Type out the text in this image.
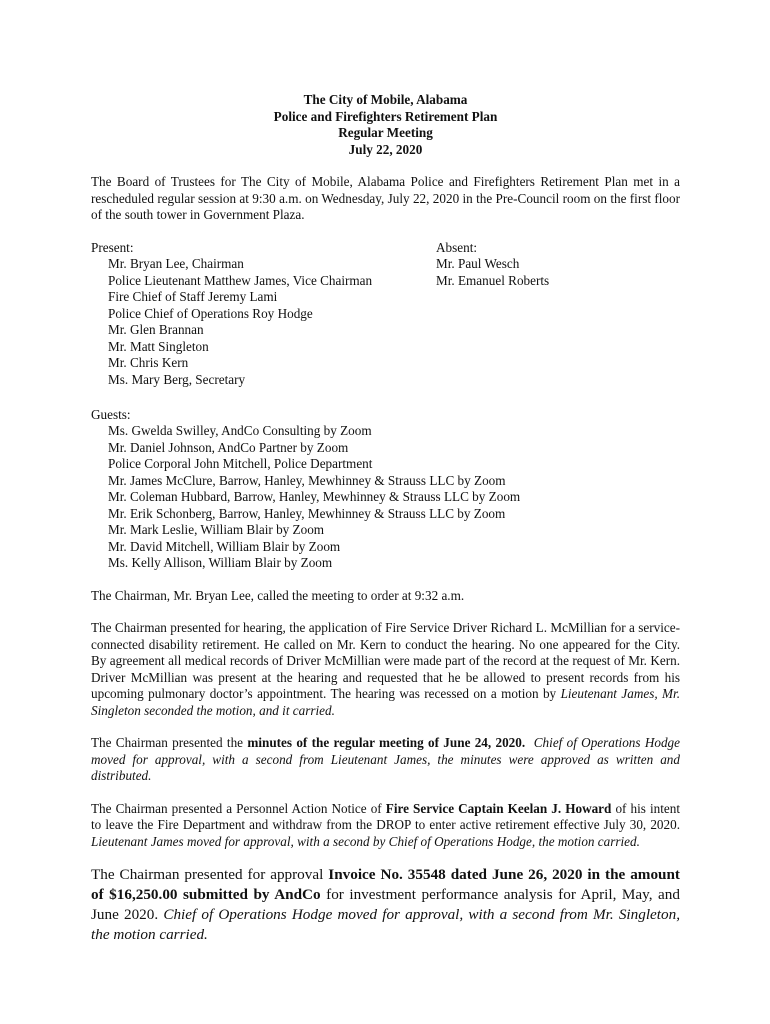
The City of Mobile, Alabama
Police and Firefighters Retirement Plan
Regular Meeting
July 22, 2020

The Board of Trustees for The City of Mobile, Alabama Police and Firefighters Retirement Plan met in a rescheduled regular session at 9:30 a.m. on Wednesday, July 22, 2020 in the Pre-Council room on the first floor of the south tower in Government Plaza.

Present:
Mr. Bryan Lee, Chairman
Police Lieutenant Matthew James, Vice Chairman
Fire Chief of Staff Jeremy Lami
Police Chief of Operations Roy Hodge
Mr. Glen Brannan
Mr. Matt Singleton
Mr. Chris Kern
Ms. Mary Berg, Secretary
Absent:
Mr. Paul Wesch
Mr. Emanuel Roberts
Guests:
Ms. Gwelda Swilley, AndCo Consulting by Zoom
Mr. Daniel Johnson, AndCo Partner by Zoom
Police Corporal John Mitchell, Police Department
Mr. James McClure, Barrow, Hanley, Mewhinney & Strauss LLC by Zoom
Mr. Coleman Hubbard, Barrow, Hanley, Mewhinney & Strauss LLC by Zoom
Mr. Erik Schonberg, Barrow, Hanley, Mewhinney & Strauss LLC by Zoom
Mr. Mark Leslie, William Blair by Zoom
Mr. David Mitchell, William Blair by Zoom
Ms. Kelly Allison, William Blair by Zoom

The Chairman, Mr. Bryan Lee, called the meeting to order at 9:32 a.m.

The Chairman presented for hearing, the application of Fire Service Driver Richard L. McMillian for a service-connected disability retirement. He called on Mr. Kern to conduct the hearing. No one appeared for the City. By agreement all medical records of Driver McMillian were made part of the record at the request of Mr. Kern. Driver McMillian was present at the hearing and requested that he be allowed to present records from his upcoming pulmonary doctor’s appointment. The hearing was recessed on a motion by Lieutenant James, Mr. Singleton seconded the motion, and it carried.

The Chairman presented the minutes of the regular meeting of June 24, 2020. Chief of Operations Hodge moved for approval, with a second from Lieutenant James, the minutes were approved as written and distributed.

The Chairman presented a Personnel Action Notice of Fire Service Captain Keelan J. Howard of his intent to leave the Fire Department and withdraw from the DROP to enter active retirement effective July 30, 2020. Lieutenant James moved for approval, with a second by Chief of Operations Hodge, the motion carried.

The Chairman presented for approval Invoice No. 35548 dated June 26, 2020 in the amount of $16,250.00 submitted by AndCo for investment performance analysis for April, May, and June 2020. Chief of Operations Hodge moved for approval, with a second from Mr. Singleton, the motion carried.
